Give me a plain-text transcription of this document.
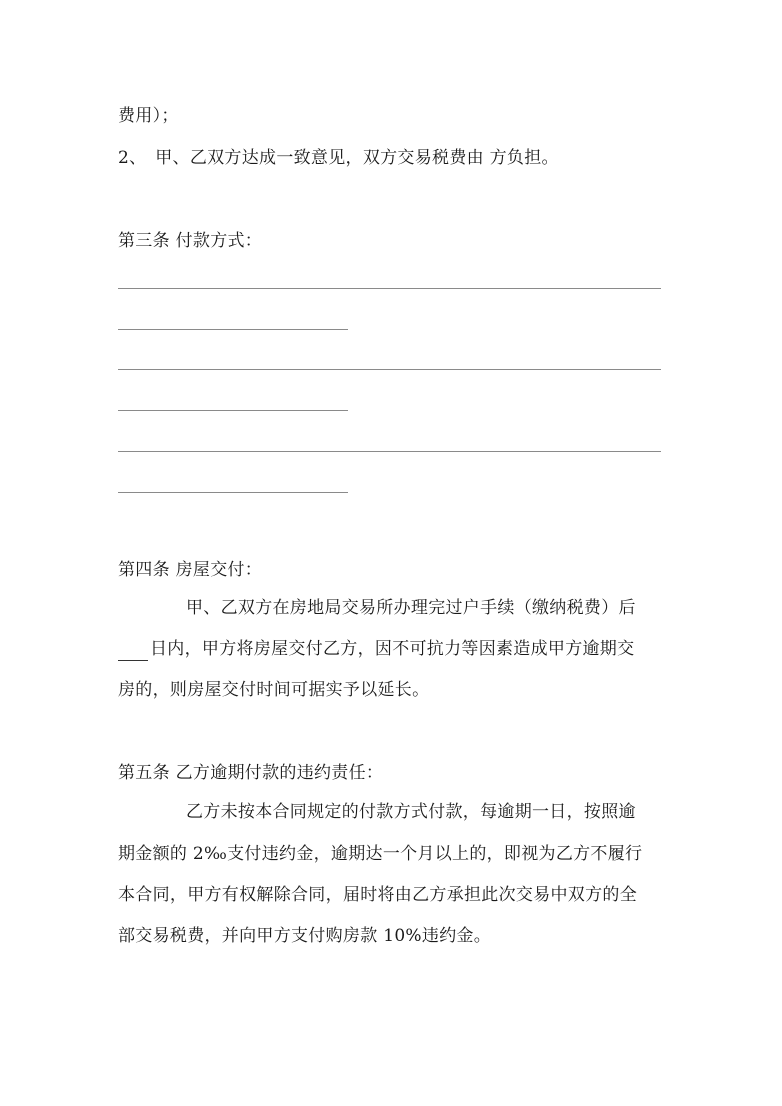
费用）；
2、　甲、乙双方达成一致意见，双方交易税费由 方负担。
第三条 付款方式：
第四条 房屋交付：
甲、乙双方在房地局交易所办理完过户手续（缴纳税费）后
日内，甲方将房屋交付乙方，因不可抗力等因素造成甲方逾期交
房的，则房屋交付时间可据实予以延长。
第五条 乙方逾期付款的违约责任：
乙方未按本合同规定的付款方式付款，每逾期一日，按照逾
期金额的 2‰支付违约金，逾期达一个月以上的，即视为乙方不履行
本合同，甲方有权解除合同，届时将由乙方承担此次交易中双方的全
部交易税费，并向甲方支付购房款 10%违约金。
